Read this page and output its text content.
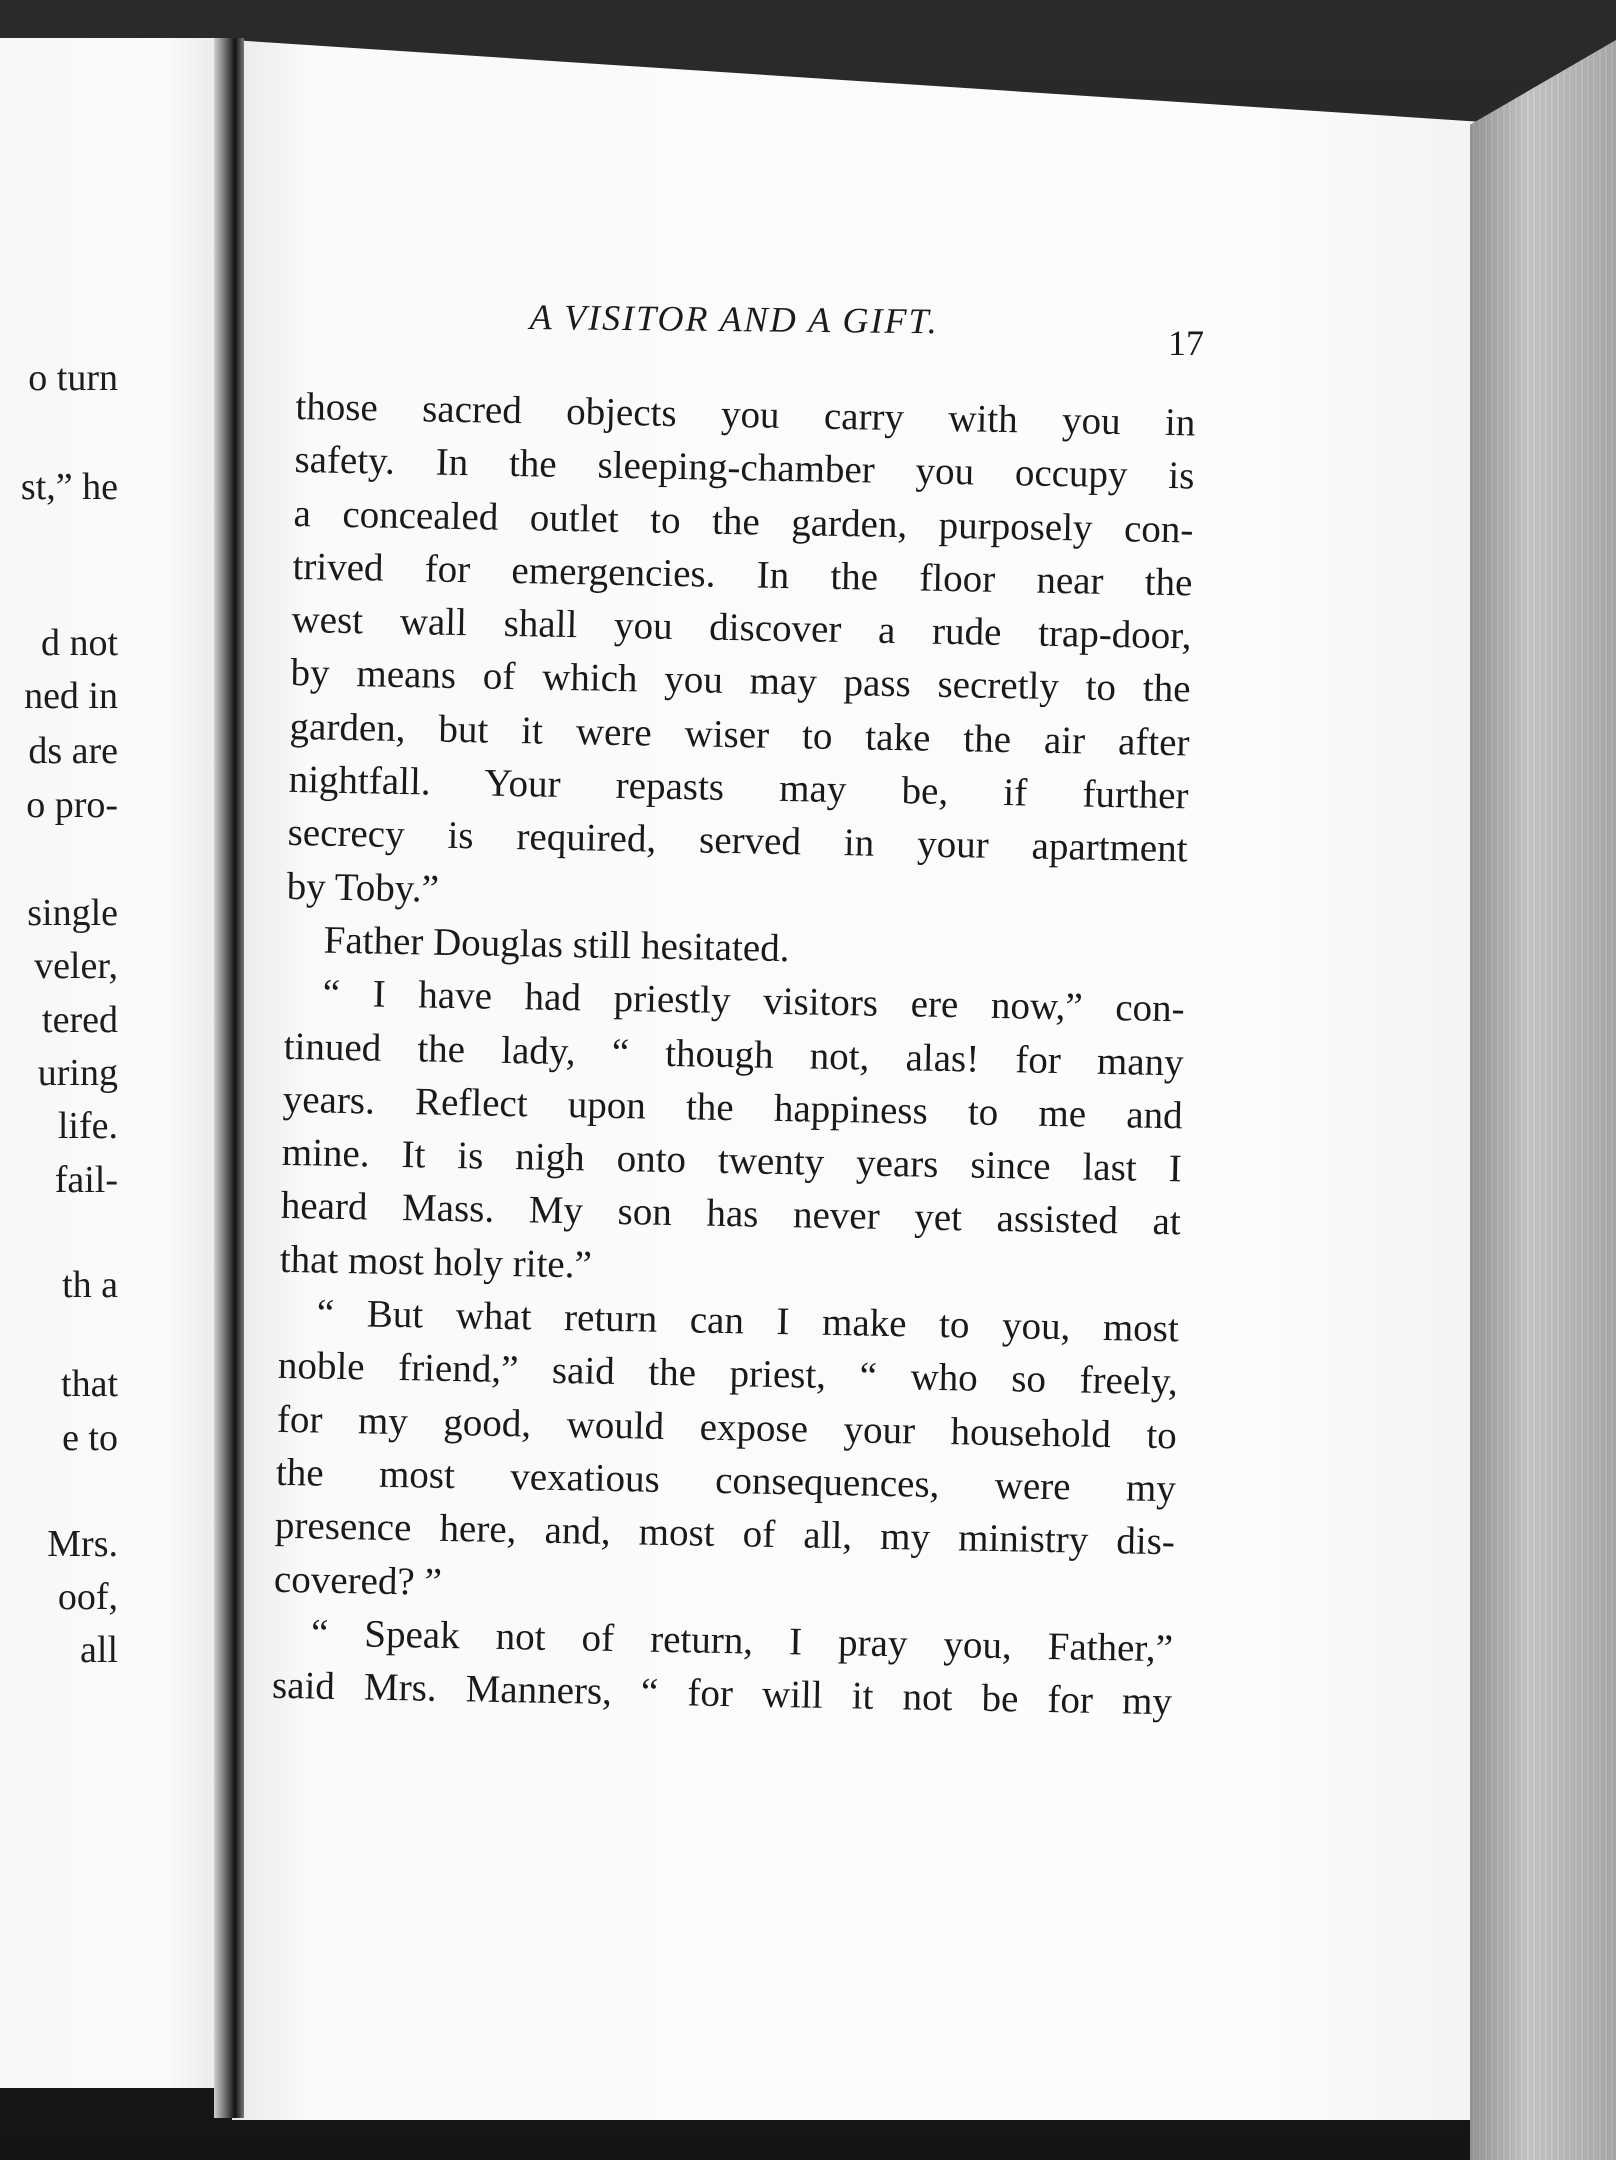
o turn
st,” he
d not
ned in
ds are
o pro-
single
veler,
tered
uring
life.
fail-
th a
that
e to
Mrs.
oof,
all
A VISITOR AND A GIFT.
17
those sacred objects you carry with you in
safety. In the sleeping-chamber you occupy is
a concealed outlet to the garden, purposely con-
trived for emergencies. In the floor near the
west wall shall you discover a rude trap-door,
by means of which you may pass secretly to the
garden, but it were wiser to take the air after
nightfall. Your repasts may be, if further
secrecy is required, served in your apartment
by Toby.”
Father Douglas still hesitated.
“ I have had priestly visitors ere now,” con-
tinued the lady, “ though not, alas! for many
years. Reflect upon the happiness to me and
mine. It is nigh onto twenty years since last I
heard Mass. My son has never yet assisted at
that most holy rite.”
“ But what return can I make to you, most
noble friend,” said the priest, “ who so freely,
for my good, would expose your household to
the most vexatious consequences, were my
presence here, and, most of all, my ministry dis-
covered? ”
“ Speak not of return, I pray you, Father,”
said Mrs. Manners, “ for will it not be for my
